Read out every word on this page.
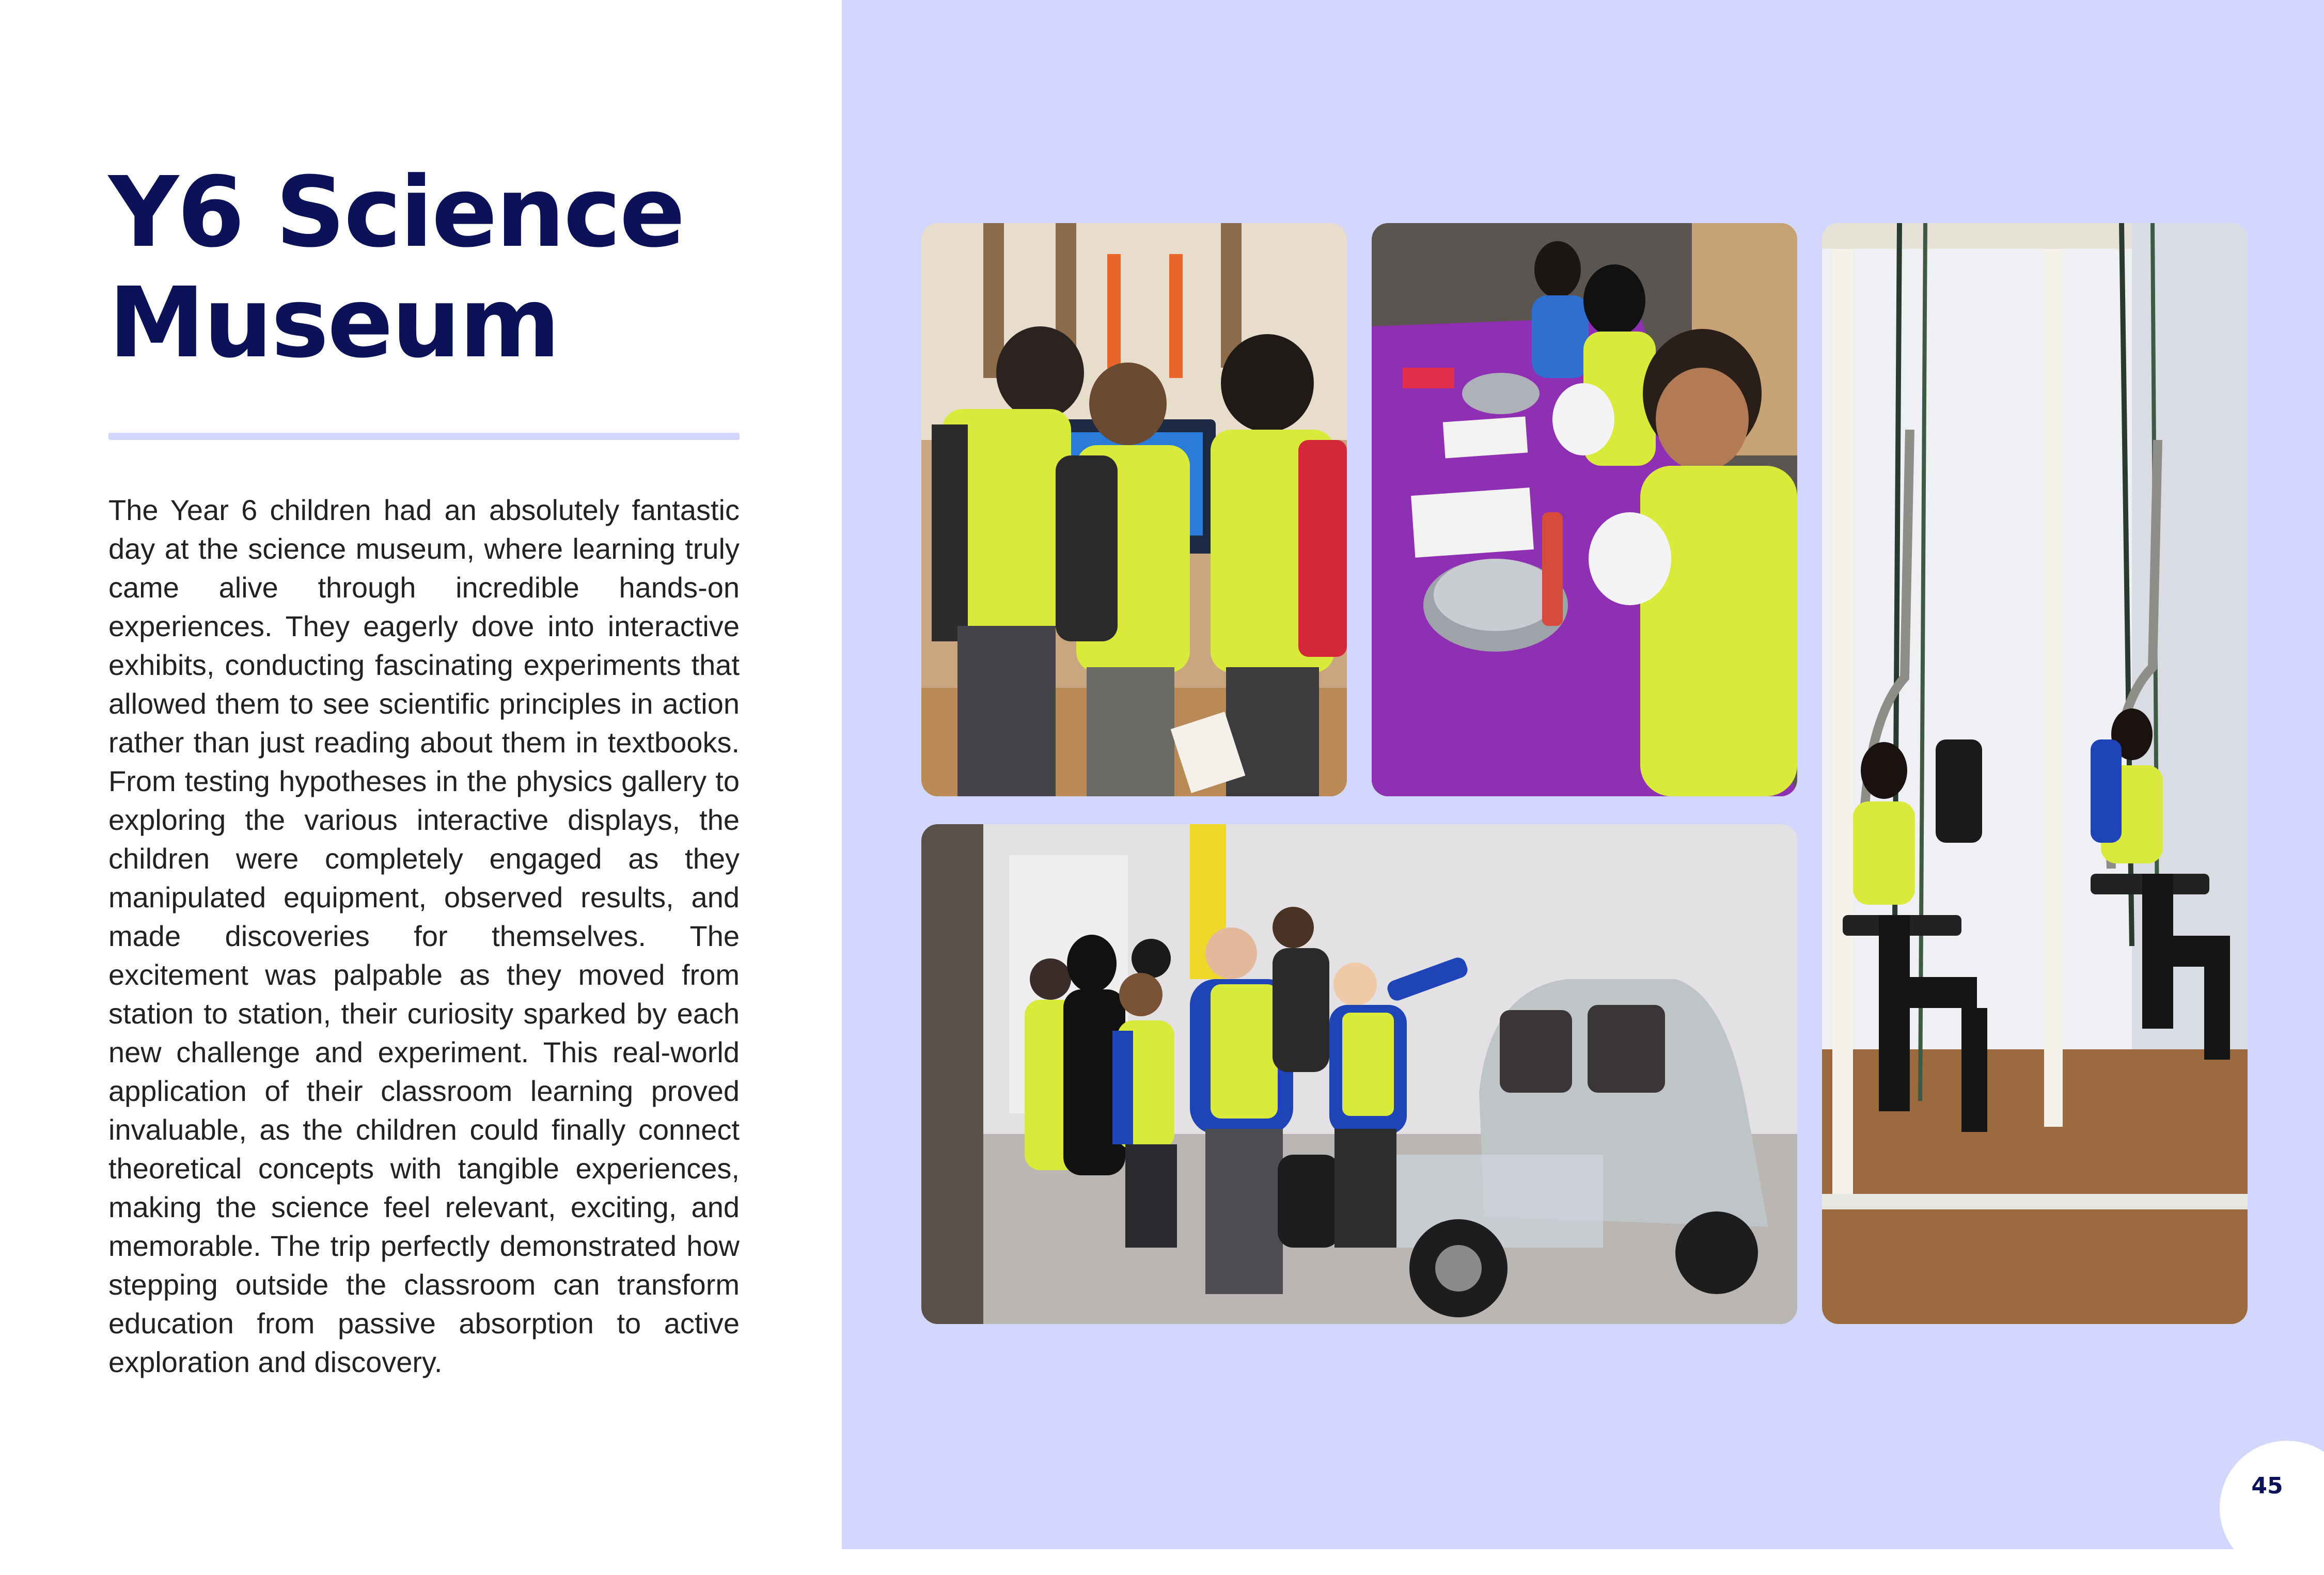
Y6 Science Museum

The Year 6 children had an absolutely fantastic day at the science museum, where learning truly came alive through incredible hands-on experiences. They eagerly dove into interactive exhibits, conducting fascinating experiments that allowed them to see scientific principles in action rather than just reading about them in textbooks. From testing hypotheses in the physics gallery to exploring the various interactive displays, the children were completely engaged as they manipulated equipment, observed results, and made discoveries for themselves. The excitement was palpable as they moved from station to station, their curiosity sparked by each new challenge and experiment. This real-world application of their classroom learning proved invaluable, as the children could finally connect theoretical concepts with tangible experiences, making the science feel relevant, exciting, and memorable. The trip perfectly demonstrated how stepping outside the classroom can transform education from passive absorption to active exploration and discovery.

45
